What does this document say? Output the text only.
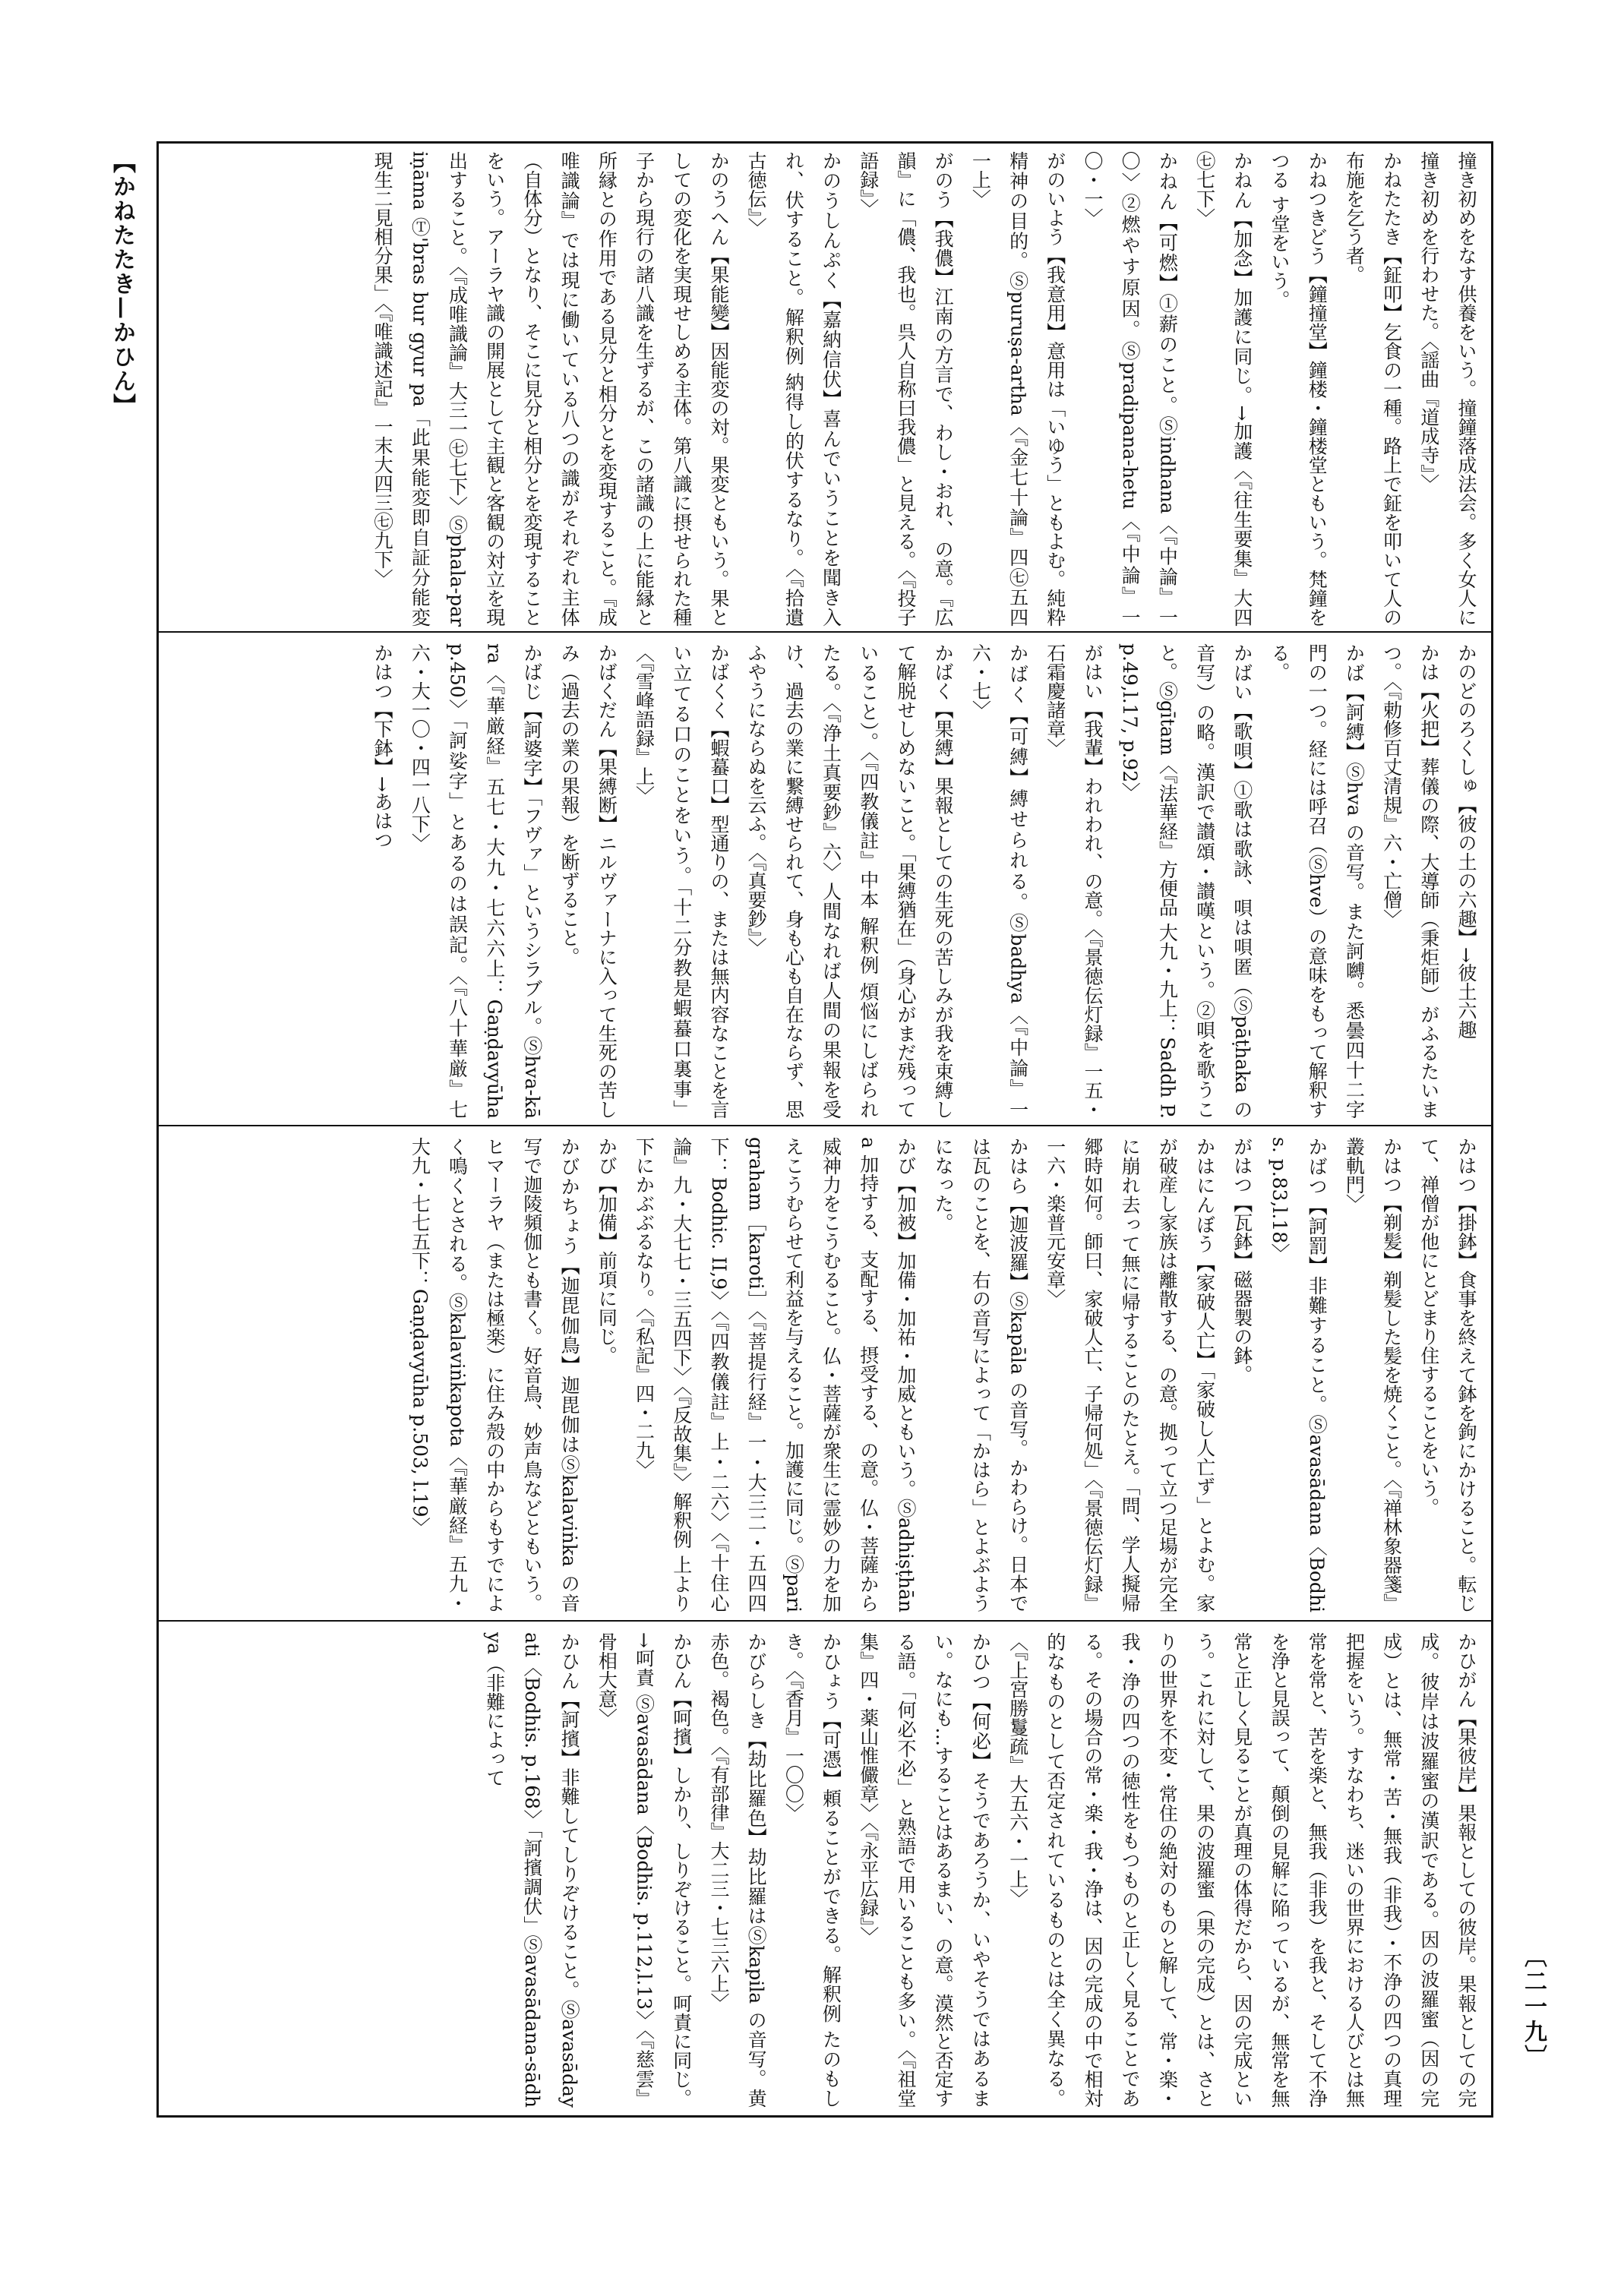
【かねたたき—かひん】	撞き初めをなす供養をいう。撞鐘落成法会。多く女人に撞き初めを行わせた。〈謡曲『道成寺』〉
かねたたき【鉦叩】乞食の一種。路上で鉦を叩いて人の布施を乞う者。
かねつきどう【鐘撞堂】鐘楼・鐘楼堂ともいう。梵鐘をつる す堂をいう。
かねん【加念】加護に同じ。→加護〈『往生要集』大四㊆七下〉
かねん【可燃】①薪のこと。Ⓢindhana〈『中論』一〇〉②燃やす原因。Ⓢpradipana-hetu〈『中論』一〇・一〉
がのいよう【我意用】意用は「いゆう」ともよむ。純粋精神の目的。Ⓢpuruṣa-artha〈『金七十論』四㊆五四一上〉
がのう【我儂】江南の方言で、わし・おれ、の意。『広韻』に「儂、我也。呉人自称曰我儂」と見える。〈『投子語録』〉
かのうしんぷく【嘉納信伏】喜んでいうことを聞き入れ、伏すること。解釈例 納得し的伏するなり。〈『拾遺古徳伝』〉
かのうへん【果能變】因能変の対。果変ともいう。果としての変化を実現せしめる主体。第八識に摂せられた種子から現行の諸八識を生ずるが、この諸識の上に能縁と所縁との作用である見分と相分とを変現すること。『成唯識論』では現に働いている八つの識がそれぞれ主体（自体分）となり、そこに見分と相分とを変現することをいう。アーラヤ識の開展として主観と客観の対立を現出すること。〈『成唯識論』大三一㊆七下〉Ⓢphala-pariṇāma Ⓣ'bras bur gyur pa「此果能変即自証分能変現生二見相分果」〈『唯識述記』一末大四三㊆九下〉
かのどのろくしゅ【彼の土の六趣】→彼土六趣
かは【火把】葬儀の際、大導師（秉炬師）がふるたいまつ。〈『勅修百丈清規』六・亡僧〉
かば【訶縛】Ⓢhva の音写。また訶嚩。悉曇四十二字門の一つ。経には呼召（Ⓢhve）の意味をもって解釈する。
かばい【歌唄】①歌は歌詠、唄は唄匿（Ⓢpāṭhaka の音写）の略。漢訳で讃頌・讃嘆という。②唄を歌うこと。Ⓢgītam〈『法華経』方便品 大九・九上：Saddh P. p.49,l.17, p.92〉
がはい【我輩】われわれ、の意。〈『景徳伝灯録』一五・石霜慶諸章〉
かばく【可縛】縛せられる。Ⓢbadhya〈『中論』一六・七〉
かばく【果縛】果報としての生死の苦しみが我を束縛して解脱せしめないこと。「果縛猶在」（身心がまだ残っていること）。〈『四教儀註』中本 解釈例 煩悩にしばられたる。〈『浄土真要鈔』六〉人間なれば人間の果報を受け、過去の業に繋縛せられて、身も心も自在ならず、思ふやうにならぬを云ふ。〈『真要鈔』〉
かばくく【蝦蟇口】型通りの、または無内容なことを言い立てる口のことをいう。「十二分教是蝦蟇口裏事」〈『雪峰語録』上〉
かばくだん【果縛断】ニルヴァーナに入って生死の苦しみ（過去の業の果報）を断ずること。
かばじ【訶婆字】「フヴァ」というシラブル。Ⓢhva-kāra〈『華厳経』五七・大九・七六六上：Gaṇḍavyūha p.450〉「訶娑字」とあるのは誤記。〈『八十華厳』七六・大一〇・四一八下〉
かはつ【下鉢】→あはつ
かはつ【掛鉢】食事を終えて鉢を鉤にかけること。転じて、禅僧が他にとどまり住することをいう。
かはつ【剃髪】剃髪した髪を焼くこと。〈『禅林象器箋』叢軌門〉
かばつ【訶罰】非難すること。Ⓢavasādana〈Bodhis. p.83,l.18〉
がはつ【瓦鉢】磁器製の鉢。
かはにんぼう【家破人亡】「家破し人亡ず」とよむ。家が破産し家族は離散する、の意。拠って立つ足場が完全に崩れ去って無に帰することのたとえ。「問、学人擬帰郷時如何。師曰、家破人亡、子帰何処」〈『景徳伝灯録』一六・楽普元安章〉
かはら【迦波羅】Ⓢkapāla の音写。かわらけ。日本では瓦のことを、右の音写によって「かはら」とよぶようになった。
かび【加被】加備・加祐・加威ともいう。Ⓢadhiṣṭhāna 加持する、支配する、摂受する、の意。仏・菩薩から威神力をこうむること。仏・菩薩が衆生に霊妙の力を加えこうむらせて利益を与えること。加護に同じ。Ⓢparigraham［karoti］〈『菩提行経』一・大三二・五四四下：Bodhic. II,9〉〈『四教儀註』上・二六〉〈『十住心論』九・大七七・三五四下〉〈『反故集』〉解釈例 上より下にかぶぶるなり。〈『私記』四・二九〉
かび【加備】前項に同じ。
かびかちょう【迦毘伽鳥】迦毘伽はⓈkalaviṅka の音写で迦陵頻伽とも書く。好音鳥、妙声鳥などともいう。ヒマーラヤ（または極楽）に住み殻の中からもすでによく鳴くとされる。Ⓢkalaviṅkapota〈『華厳経』五九・大九・七七五下：Gaṇḍavyūha p.503, l.19〉
かひがん【果彼岸】果報としての彼岸。果報としての完成。彼岸は波羅蜜の漢訳である。因の波羅蜜（因の完成）とは、無常・苦・無我（非我）・不浄の四つの真理把握をいう。すなわち、迷いの世界における人びとは無常を常と、苦を楽と、無我（非我）を我と、そして不浄を浄と見誤って、顛倒の見解に陥っているが、無常を無常と正しく見ることが真理の体得だから、因の完成という。これに対して、果の波羅蜜（果の完成）とは、さとりの世界を不変・常住の絶対のものと解して、常・楽・我・浄の四つの徳性をもつものと正しく見ることである。その場合の常・楽・我・浄は、因の完成の中で相対的なものとして否定されているものとは全く異なる。〈『上宮勝鬘疏』大五六・一上〉
かひつ【何必】そうであろうか、いやそうではあるまい。なにも…することはあるまい、の意。漠然と否定する語。「何必不必」と熟語で用いることも多い。〈『祖堂集』四・薬山惟儼章〉〈『永平広録』〉
かひょう【可憑】頼ることができる。解釈例 たのもしき。〈『香月』一〇〇〉
かびらしき【劫比羅色】劫比羅はⓈkapila の音写。黄赤色。褐色。〈『有部律』大二三・七三六上〉
かひん【呵擯】しかり、しりぞけること。呵責に同じ。→呵責 Ⓢavasādana〈Bodhis. p.112,l.13〉〈『慈雲』骨相大意〉
かひん【訶擯】非難してしりぞけること。Ⓢavasādayati〈Bodhis. p.168〉「訶擯調伏」Ⓢavasādana-sādhya（非難によって
〔二一九〕
